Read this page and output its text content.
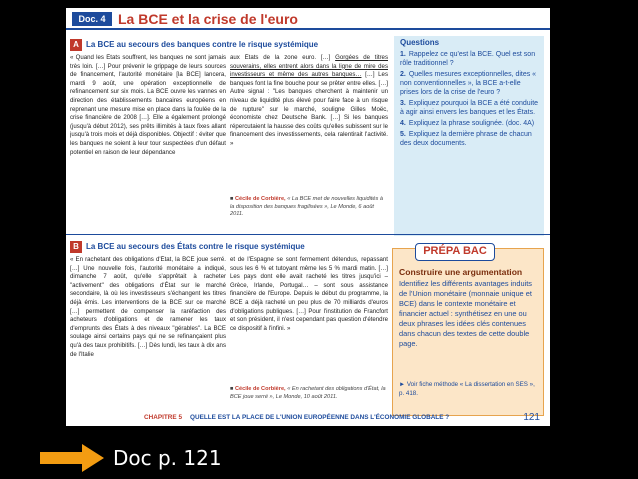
Doc. 4 La BCE et la crise de l'euro
A La BCE au secours des banques contre le risque systémique
« Quand les États souffrent, les banques ne sont jamais très loin. […] Pour prévenir le grippage de leurs sources de financement, l'autorité monétaire [la BCE] lancera, mardi 9 août, une opération exceptionnelle de refinancement sur six mois. La BCE ouvre les vannes en direction des établissements bancaires européens en reprenant une mesure mise en place dans la foulée de la crise financière de 2008 […]. Elle a également prolongé (jusqu'à début 2012), ses prêts illimités à taux fixes allant jusqu'à trois mois et déjà disponibles. Objectif : éviter que les banques ne soient à leur tour suspectées d'un défaut potentiel en raison de leur dépendance
aux États de la zone euro. […] Gorgées de titres souverains, elles entrent alors dans la ligne de mire des investisseurs et même des autres banques… […] Les banques font la fine bouche pour se prêter entre elles. […] Autre signal : "Les banques cherchent à maintenir un niveau de liquidité plus élevé pour faire face à un risque de rupture" sur le marché, souligne Gilles Moëc, économiste chez Deutsche Bank. […] Si les banques répercutaient la hausse des coûts qu'elles subissent sur le financement des investissements, cela ralentirait l'activité. »
■ Cécile de Corbière, « La BCE met de nouvelles liquidités à la disposition des banques fragilisées », Le Monde, 6 août 2011.
Questions
1. Rappelez ce qu'est la BCE. Quel est son rôle traditionnel ?
2. Quelles mesures exceptionnelles, dites « non conventionnelles », la BCE a-t-elle prises lors de la crise de l'euro ?
3. Expliquez pourquoi la BCE a été conduite à agir ainsi envers les banques et les États.
4. Expliquez la phrase soulignée. (doc. 4A)
5. Expliquez la dernière phrase de chacun des deux documents.
B La BCE au secours des États contre le risque systémique
« En rachetant des obligations d'État, la BCE joue serré. […] Une nouvelle fois, l'autorité monétaire a indiqué, dimanche 7 août, qu'elle s'apprêtait à racheter "activement" des obligations d'État sur le marché secondaire, là où les investisseurs s'échangent les titres déjà émis. Les interventions de la BCE sur ce marché […] permettent de compenser la raréfaction des acheteurs d'obligations et de ramener les taux d'emprunts des États à des niveaux "gérables". La BCE soulage ainsi certains pays qui ne se refinançaient plus qu'à des taux prohibitifs. […] Dès lundi, les taux à dix ans de l'Italie
et de l'Espagne se sont fermement détendus, repassant sous les 6 % et tutoyant même les 5 % mardi matin. […] Les pays dont elle avait racheté les titres jusqu'ici – Grèce, Irlande, Portugal… – sont sous assistance financière de l'Europe. Depuis le début du programme, la BCE a déjà racheté un peu plus de 70 milliards d'euros d'obligations publiques. […] Pour l'institution de Francfort et son président, il n'est cependant pas question d'étendre ce dispositif à l'infini. »
■ Cécile de Corbière, « En rachetant des obligations d'État, la BCE joue serré », Le Monde, 10 août 2011.
PRÉPA BAC
Construire une argumentation
Identifiez les différents avantages induits de l'Union monétaire (monnaie unique et BCE) dans le contexte monétaire et financier actuel : synthétisez en une ou deux phrases les idées clés contenues dans chacun des textes de cette double page.
► Voir fiche méthode « La dissertation en SES », p. 418.
CHAPITRE 5 QUELLE EST LA PLACE DE L'UNION EUROPÉENNE DANS L'ÉCONOMIE GLOBALE ?	121
Doc p. 121
